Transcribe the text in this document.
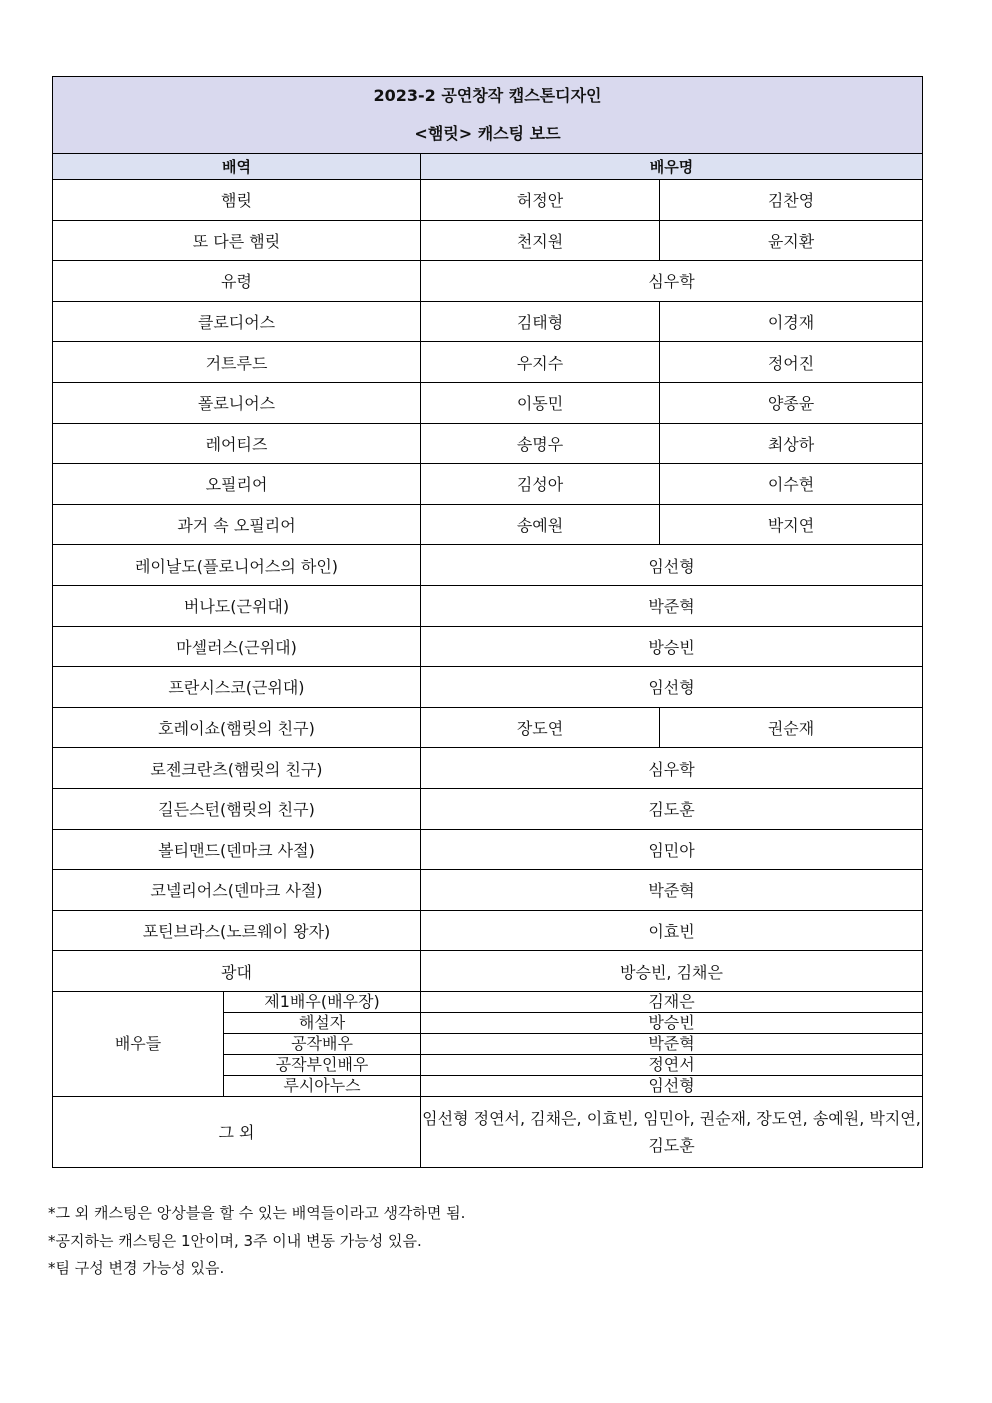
2023-2 공연창작 캡스톤디자인
<햄릿> 캐스팅 보드			

배역		배우명	
햄릿		허정안	김찬영
또 다른 햄릿		천지원	윤지환
유령		심우학	
클로디어스		김태형	이경재
거트루드		우지수	정어진
폴로니어스		이동민	양종윤
레어티즈		송명우	최상하
오필리어		김성아	이수현
과거 속 오필리어		송예원	박지연
레이날도(플로니어스의 하인)		임선형	
버나도(근위대)		박준혁	
마셀러스(근위대)		방승빈	
프란시스코(근위대)		임선형	
호레이쇼(햄릿의 친구)		장도연	권순재
로젠크란츠(햄릿의 친구)		심우학	
길든스턴(햄릿의 친구)		김도훈	
볼티맨드(덴마크 사절)		임민아	
코넬리어스(덴마크 사절)		박준혁	
포틴브라스(노르웨이 왕자)		이효빈	
광대		방승빈, 김채은	
배우들	제1배우(배우장)	김재은	
	해설자	방승빈	
	공작배우	박준혁	
	공작부인배우	정연서	
	루시아누스	임선형	
그 외		임선형 정연서, 김채은, 이효빈, 임민아, 권순재, 장도연, 송예원, 박지연, 김도훈	
*그 외 캐스팅은 앙상블을 할 수 있는 배역들이라고 생각하면 됨.
*공지하는 캐스팅은 1안이며, 3주 이내 변동 가능성 있음.
*팀 구성 변경 가능성 있음.
